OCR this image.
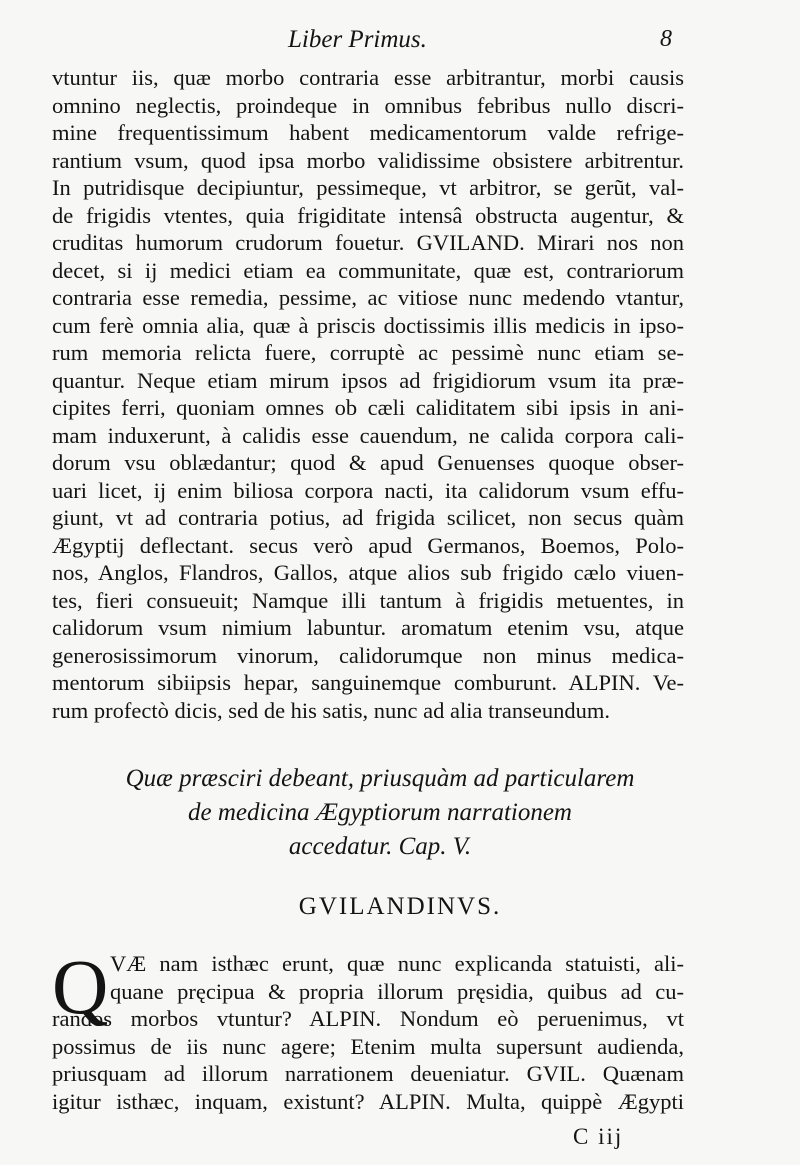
Liber Primus.	8
vtuntur iis, quæ morbo contraria esse arbitrantur, morbi causis
omnino neglectis, proindeque in omnibus febribus nullo discri-
mine frequentissimum habent medicamentorum valde refrige-
rantium vsum, quod ipsa morbo validissime obsistere arbitrentur.
In putridisque decipiuntur, pessimeque, vt arbitror, se gerũt, val-
de frigidis vtentes, quia frigiditate intensâ obstructa augentur, &
cruditas humorum crudorum fouetur. GVILAND. Mirari nos non
decet, si ij medici etiam ea communitate, quæ est, contrariorum
contraria esse remedia, pessime, ac vitiose nunc medendo vtantur,
cum ferè omnia alia, quæ à priscis doctissimis illis medicis in ipso-
rum memoria relicta fuere, corruptè ac pessimè nunc etiam se-
quantur. Neque etiam mirum ipsos ad frigidiorum vsum ita præ-
cipites ferri, quoniam omnes ob cæli caliditatem sibi ipsis in ani-
mam induxerunt, à calidis esse cauendum, ne calida corpora cali-
dorum vsu oblædantur; quod & apud Genuenses quoque obser-
uari licet, ij enim biliosa corpora nacti, ita calidorum vsum effu-
giunt, vt ad contraria potius, ad frigida scilicet, non secus quàm
Ægyptij deflectant. secus verò apud Germanos, Boemos, Polo-
nos, Anglos, Flandros, Gallos, atque alios sub frigido cælo viuen-
tes, fieri consueuit; Namque illi tantum à frigidis metuentes, in
calidorum vsum nimium labuntur. aromatum etenim vsu, atque
generosissimorum vinorum, calidorumque non minus medica-
mentorum sibiipsis hepar, sanguinemque comburunt. ALPIN. Ve-
rum profectò dicis, sed de his satis, nunc ad alia transeundum.
Quæ præsciri debeant, priusquàm ad particularem
de medicina Ægyptiorum narrationem
accedatur. Cap. V.
GVILANDINVS.
Q VÆ nam isthæc erunt, quæ nunc explicanda statuisti, ali-
quane pręcipua & propria illorum pręsidia, quibus ad cu-
randos morbos vtuntur? ALPIN. Nondum eò peruenimus, vt
possimus de iis nunc agere; Etenim multa supersunt audienda,
priusquam ad illorum narrationem deueniatur. GVIL. Quænam
igitur isthæc, inquam, existunt? ALPIN. Multa, quippè Ægypti
C iij
